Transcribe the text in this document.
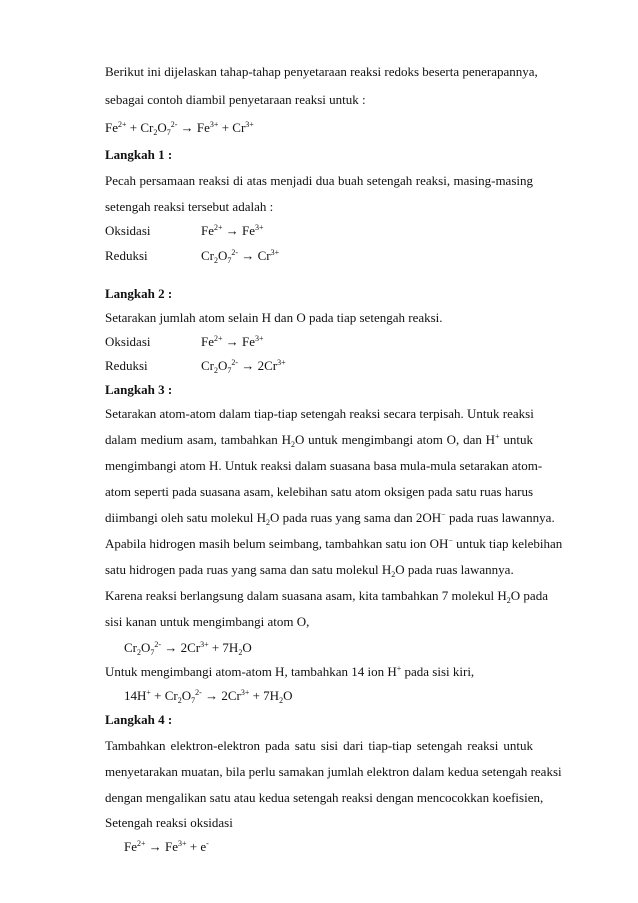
Berikut ini dijelaskan tahap-tahap penyetaraan reaksi redoks beserta penerapannya,
sebagai contoh diambil penyetaraan reaksi untuk :
$Fe^{2+} + Cr_2O_7^{2-} \to Fe^{3+} + Cr^{3+}$
Langkah 1 :
Pecah persamaan reaksi di atas menjadi dua buah setengah reaksi, masing-masing
setengah reaksi tersebut adalah :
Oksidasi	$Fe^{2+} \to Fe^{3+}$
Reduksi	$Cr_2O_7^{2-} \to Cr^{3+}$
Langkah 2 :
Setarakan jumlah atom selain H dan O pada tiap setengah reaksi.
Oksidasi	$Fe^{2+} \to Fe^{3+}$
Reduksi	$Cr_2O_7^{2-} \to 2Cr^{3+}$
Langkah 3 :
Setarakan atom-atom dalam tiap-tiap setengah reaksi secara terpisah. Untuk reaksi
dalam medium asam, tambahkan $H_2O$ untuk mengimbangi atom O, dan H+ untuk
mengimbangi atom H. Untuk reaksi dalam suasana basa mula-mula setarakan atom-
atom seperti pada suasana asam, kelebihan satu atom oksigen pada satu ruas harus
diimbangi oleh satu molekul $H_2O$ pada ruas yang sama dan 2OH− pada ruas lawannya.
Apabila hidrogen masih belum seimbang, tambahkan satu ion OH− untuk tiap kelebihan
satu hidrogen pada ruas yang sama dan satu molekul $H_2O$ pada ruas lawannya.
Karena reaksi berlangsung dalam suasana asam, kita tambahkan 7 molekul $H_2O$ pada
sisi kanan untuk mengimbangi atom O,
$Cr_2O_7^{2-} \to 2Cr^{3+} + 7H_2O$
Untuk mengimbangi atom-atom H, tambahkan 14 ion H+ pada sisi kiri,
$14H^+ + Cr_2O_7^{2-} \to 2Cr^{3+} + 7H_2O$
Langkah 4 :
Tambahkan elektron-elektron pada satu sisi dari tiap-tiap setengah reaksi untuk
menyetarakan muatan, bila perlu samakan jumlah elektron dalam kedua setengah reaksi
dengan mengalikan satu atau kedua setengah reaksi dengan mencocokkan koefisien,
Setengah reaksi oksidasi
$Fe^{2+} \to Fe^{3+} + e^-$
